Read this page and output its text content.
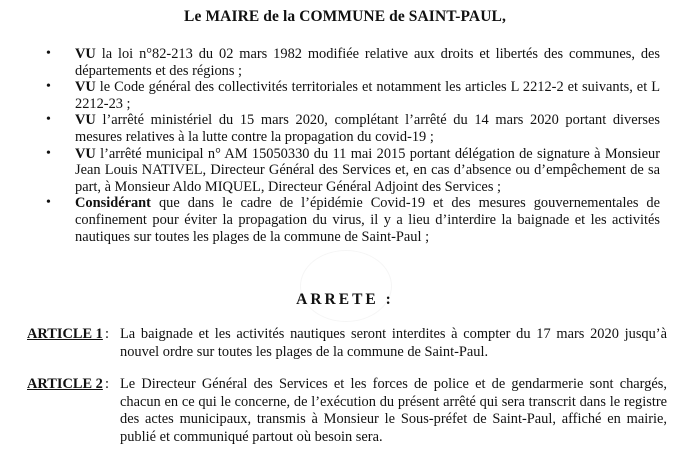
Le MAIRE de la COMMUNE de SAINT-PAUL,
• VU la loi n°82-213 du 02 mars 1982 modifiée relative aux droits et libertés des communes, des départements et des régions ;
• VU le Code général des collectivités territoriales et notamment les articles L 2212-2 et suivants, et L 2212-23 ;
• VU l’arrêté ministériel du 15 mars 2020, complétant l’arrêté du 14 mars 2020 portant diverses mesures relatives à la lutte contre la propagation du covid-19 ;
• VU l’arrêté municipal n° AM 15050330 du 11 mai 2015 portant délégation de signature à Monsieur Jean Louis NATIVEL, Directeur Général des Services et, en cas d’absence ou d’empêchement de sa part, à Monsieur Aldo MIQUEL, Directeur Général Adjoint des Services ;
• Considérant que dans le cadre de l’épidémie Covid-19 et des mesures gouvernementales de confinement pour éviter la propagation du virus, il y a lieu d’interdire la baignade et les activités nautiques sur toutes les plages de la commune de Saint-Paul ;
ARRETE :
ARTICLE 1 : La baignade et les activités nautiques seront interdites à compter du 17 mars 2020 jusqu’à nouvel ordre sur toutes les plages de la commune de Saint-Paul.
ARTICLE 2 : Le Directeur Général des Services et les forces de police et de gendarmerie sont chargés, chacun en ce qui le concerne, de l’exécution du présent arrêté qui sera transcrit dans le registre des actes municipaux, transmis à Monsieur le Sous-préfet de Saint-Paul, affiché en mairie, publié et communiqué partout où besoin sera.
